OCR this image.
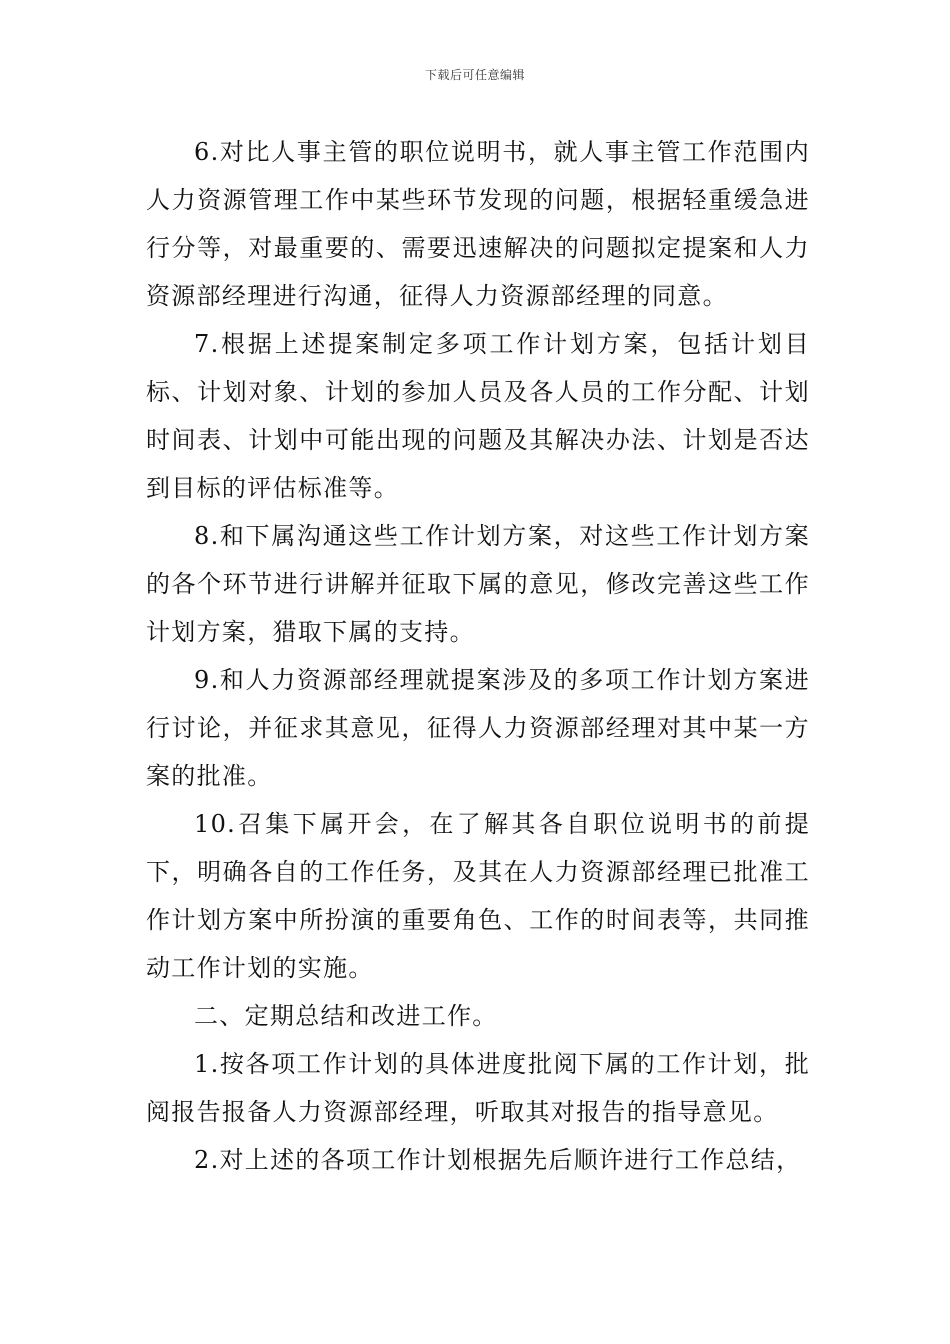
下载后可任意编辑

6.对比人事主管的职位说明书，就人事主管工作范围内人力资源管理工作中某些环节发现的问题，根据轻重缓急进行分等，对最重要的、需要迅速解决的问题拟定提案和人力资源部经理进行沟通，征得人力资源部经理的同意。

7.根据上述提案制定多项工作计划方案，包括计划目标、计划对象、计划的参加人员及各人员的工作分配、计划时间表、计划中可能出现的问题及其解决办法、计划是否达到目标的评估标准等。

8.和下属沟通这些工作计划方案，对这些工作计划方案的各个环节进行讲解并征取下属的意见，修改完善这些工作计划方案，猎取下属的支持。

9.和人力资源部经理就提案涉及的多项工作计划方案进行讨论，并征求其意见，征得人力资源部经理对其中某一方案的批准。

10.召集下属开会，在了解其各自职位说明书的前提下，明确各自的工作任务，及其在人力资源部经理已批准工作计划方案中所扮演的重要角色、工作的时间表等，共同推动工作计划的实施。

二、定期总结和改进工作。

1.按各项工作计划的具体进度批阅下属的工作计划，批阅报告报备人力资源部经理，听取其对报告的指导意见。

2.对上述的各项工作计划根据先后顺许进行工作总结，
